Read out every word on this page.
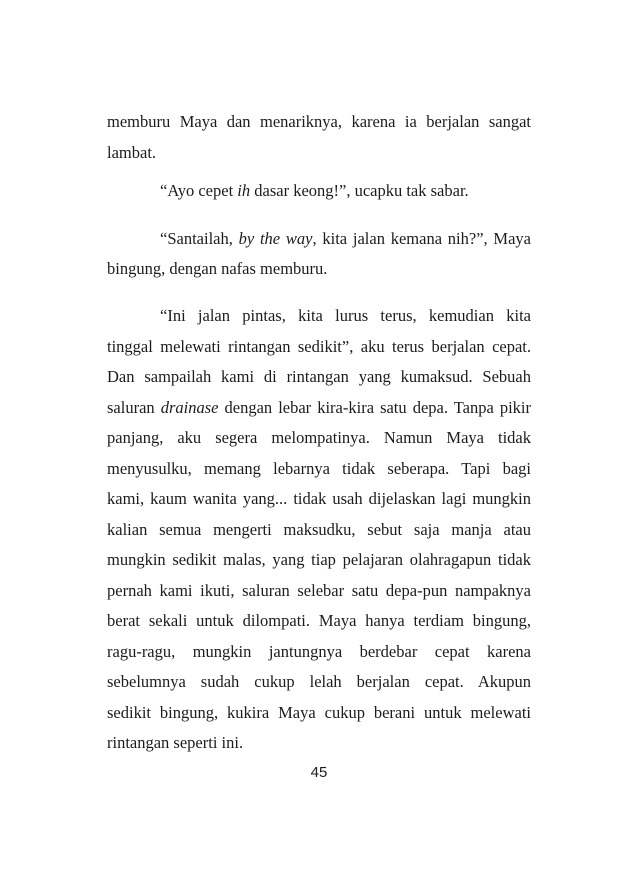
memburu Maya dan menariknya, karena ia berjalan sangat
lambat.
“Ayo cepet ih dasar keong!”, ucapku tak sabar.
“Santailah, by the way, kita jalan kemana nih?”, Maya
bingung, dengan nafas memburu.
“Ini jalan pintas, kita lurus terus, kemudian kita
tinggal melewati rintangan sedikit”, aku terus berjalan cepat.
Dan sampailah kami di rintangan yang kumaksud. Sebuah
saluran drainase dengan lebar kira-kira satu depa. Tanpa pikir
panjang, aku segera melompatinya. Namun Maya tidak
menyusulku, memang lebarnya tidak seberapa. Tapi bagi
kami, kaum wanita yang... tidak usah dijelaskan lagi mungkin
kalian semua mengerti maksudku, sebut saja manja atau
mungkin sedikit malas, yang tiap pelajaran olahragapun tidak
pernah kami ikuti, saluran selebar satu depa-pun nampaknya
berat sekali untuk dilompati. Maya hanya terdiam bingung,
ragu-ragu, mungkin jantungnya berdebar cepat karena
sebelumnya sudah cukup lelah berjalan cepat. Akupun
sedikit bingung, kukira Maya cukup berani untuk melewati
rintangan seperti ini.
45
